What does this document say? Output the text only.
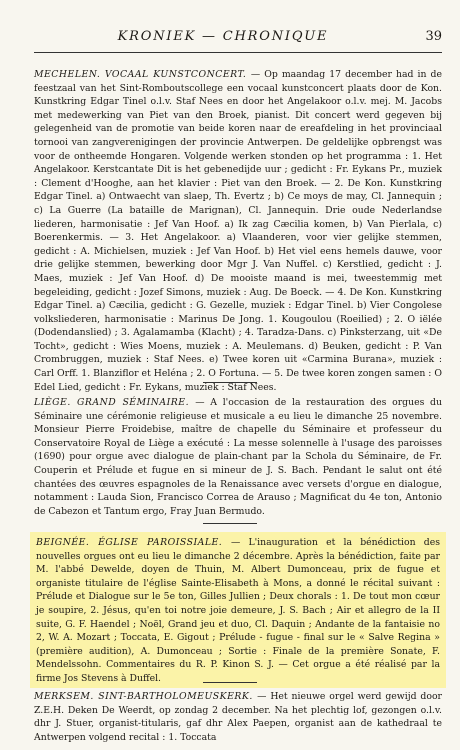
KRONIEK — CHRONIQUE	39
MECHELEN. VOCAAL KUNSTCONCERT. — Op maandag 17 december had in de feestzaal van het Sint-Romboutscollege een vocaal kunstconcert plaats door de Kon. Kunstkring Edgar Tinel o.l.v. Staf Nees en door het Angelakoor o.l.v. mej. M. Jacobs met medewerking van Piet van den Broek, pianist. Dit concert werd gegeven bij gelegenheid van de promotie van beide koren naar de ereafdeling in het provinciaal tornooi van zangverenigingen der provincie Antwerpen. De geldelijke opbrengst was voor de ontheemde Hongaren. Volgende werken stonden op het programma : 1. Het Angelakoor. Kerstcantate Dit is het gebenedijde uur ; gedicht : Fr. Eykans Pr., muziek : Clement d'Hooghe, aan het klavier : Piet van den Broek. — 2. De Kon. Kunstkring Edgar Tinel. a) Ontwaecht van slaep, Th. Evertz ; b) Ce moys de may, Cl. Jannequin ; c) La Guerre (La bataille de Marignan), Cl. Jannequin. Drie oude Nederlandse liederen, harmonisatie : Jef Van Hoof. a) Ik zag Cæcilia komen, b) Van Pierlala, c) Boerenkermis. — 3. Het Angelakoor. a) Vlaanderen, voor vier gelijke stemmen, gedicht : A. Michielsen, muziek : Jef Van Hoof. b) Het viel eens hemels dauwe, voor drie gelijke stemmen, bewerking door Mgr J. Van Nuffel. c) Kerstlied, gedicht : J. Maes, muziek : Jef Van Hoof. d) De mooiste maand is mei, tweestemmig met begeleiding, gedicht : Jozef Simons, muziek : Aug. De Boeck. — 4. De Kon. Kunstkring Edgar Tinel. a) Cæcilia, gedicht : G. Gezelle, muziek : Edgar Tinel. b) Vier Congolese volksliederen, harmonisatie : Marinus De Jong. 1. Kougoulou (Roeilied) ; 2. O iëlée (Dodendanslied) ; 3. Agalamamba (Klacht) ; 4. Taradza-Dans. c) Pinksterzang, uit «De Tocht», gedicht : Wies Moens, muziek : A. Meulemans. d) Beuken, gedicht : P. Van Crombruggen, muziek : Staf Nees. e) Twee koren uit «Carmina Burana», muziek : Carl Orff. 1. Blanziflor et Heléna ; 2. O Fortuna. — 5. De twee koren zongen samen : O Edel Lied, gedicht : Fr. Eykans, muziek : Staf Nees.
LIÈGE. GRAND SÉMINAIRE. — A l'occasion de la restauration des orgues du Séminaire une cérémonie religieuse et musicale a eu lieu le dimanche 25 novembre. Monsieur Pierre Froidebise, maître de chapelle du Séminaire et professeur du Conservatoire Royal de Liège a exécuté : La messe solennelle à l'usage des paroisses (1690) pour orgue avec dialogue de plain-chant par la Schola du Séminaire, de Fr. Couperin et Prélude et fugue en si mineur de J. S. Bach. Pendant le salut ont été chantées des œuvres espagnoles de la Renaissance avec versets d'orgue en dialogue, notamment : Lauda Sion, Francisco Correa de Arauso ; Magnificat du 4e ton, Antonio de Cabezon et Tantum ergo, Fray Juan Bermudo.
BEIGNÉE. ÉGLISE PAROISSIALE. — L'inauguration et la bénédiction des nouvelles orgues ont eu lieu le dimanche 2 décembre. Après la bénédiction, faite par M. l'abbé Dewelde, doyen de Thuin, M. Albert Dumonceau, prix de fugue et organiste titulaire de l'église Sainte-Elisabeth à Mons, a donné le récital suivant : Prélude et Dialogue sur le 5e ton, Gilles Jullien ; Deux chorals : 1. De tout mon cœur je soupire, 2. Jésus, qu'en toi notre joie demeure, J. S. Bach ; Air et allegro de la II suite, G. F. Haendel ; Noël, Grand jeu et duo, Cl. Daquin ; Andante de la fantaisie no 2, W. A. Mozart ; Toccata, E. Gigout ; Prélude - fugue - final sur le « Salve Regina » (première audition), A. Dumonceau ; Sortie : Finale de la première Sonate, F. Mendelssohn. Commentaires du R. P. Kinon S. J. — Cet orgue a été réalisé par la firme Jos Stevens à Duffel.
MERKSEM. SINT-BARTHOLOMEUSKERK. — Het nieuwe orgel werd gewijd door Z.E.H. Deken De Weerdt, op zondag 2 december. Na het plechtig lof, gezongen o.l.v. dhr J. Stuer, organist-titularis, gaf dhr Alex Paepen, organist aan de kathedraal te Antwerpen volgend recital : 1. Toccata
